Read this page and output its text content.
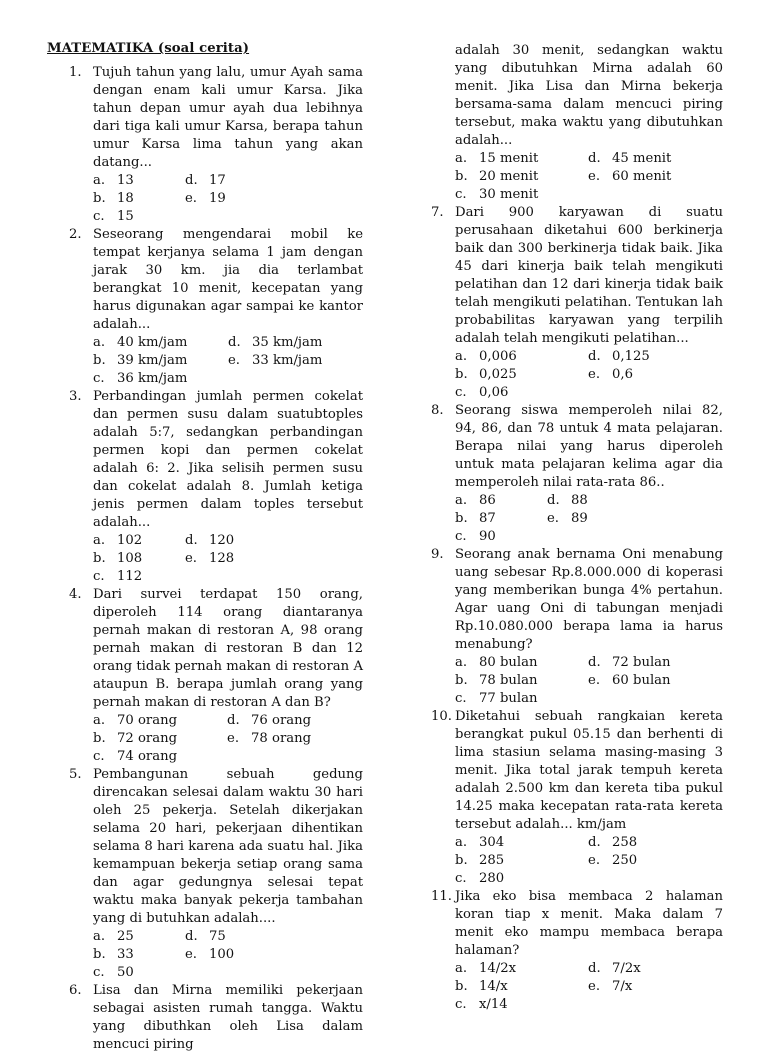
MATEMATIKA (soal cerita)
1. Tujuh tahun yang lalu, umur Ayah sama dengan enam kali umur Karsa. Jika tahun depan umur ayah dua lebihnya dari tiga kali umur Karsa, berapa tahun umur Karsa lima tahun yang akan datang...
a. 13	d. 17
b. 18	e. 19
c. 15
2. Seseorang mengendarai mobil ke tempat kerjanya selama 1 jam dengan jarak 30 km. jia dia terlambat berangkat 10 menit, kecepatan yang harus digunakan agar sampai ke kantor adalah...
a. 40 km/jam	d. 35 km/jam
b. 39 km/jam	e. 33 km/jam
c. 36 km/jam
3. Perbandingan jumlah permen cokelat dan permen susu dalam suatubtoples adalah 5:7, sedangkan perbandingan permen kopi dan permen cokelat adalah 6: 2. Jika selisih permen susu dan cokelat adalah 8. Jumlah ketiga jenis permen dalam toples tersebut adalah...
a. 102	d. 120
b. 108	e. 128
c. 112
4. Dari survei terdapat 150 orang, diperoleh 114 orang diantaranya pernah makan di restoran A, 98 orang pernah makan di restoran B dan 12 orang tidak pernah makan di restoran A ataupun B. berapa jumlah orang yang pernah makan di restoran A dan B?
a. 70 orang	d. 76 orang
b. 72 orang	e. 78 orang
c. 74 orang
5. Pembangunan sebuah gedung direncakan selesai dalam waktu 30 hari oleh 25 pekerja. Setelah dikerjakan selama 20 hari, pekerjaan dihentikan selama 8 hari karena ada suatu hal. Jika kemampuan bekerja setiap orang sama dan agar gedungnya selesai tepat waktu maka banyak pekerja tambahan yang di butuhkan adalah....
a. 25	d. 75
b. 33	e. 100
c. 50
6. Lisa dan Mirna memiliki pekerjaan sebagai asisten rumah tangga. Waktu yang dibuthkan oleh Lisa dalam mencuci piring
adalah 30 menit, sedangkan waktu yang dibutuhkan Mirna adalah 60 menit. Jika Lisa dan Mirna bekerja bersama-sama dalam mencuci piring tersebut, maka waktu yang dibutuhkan adalah...
a. 15 menit	d. 45 menit
b. 20 menit	e. 60 menit
c. 30 menit
7. Dari 900 karyawan di suatu perusahaan diketahui 600 berkinerja baik dan 300 berkinerja tidak baik. Jika 45 dari kinerja baik telah mengikuti pelatihan dan 12 dari kinerja tidak baik telah mengikuti pelatihan. Tentukan lah probabilitas karyawan yang terpilih adalah telah mengikuti pelatihan...
a. 0,006	d. 0,125
b. 0,025	e. 0,6
c. 0,06
8. Seorang siswa memperoleh nilai 82, 94, 86, dan 78 untuk 4 mata pelajaran. Berapa nilai yang harus diperoleh untuk mata pelajaran kelima agar dia memperoleh nilai rata-rata 86..
a. 86	d. 88
b. 87	e. 89
c. 90
9. Seorang anak bernama Oni menabung uang sebesar Rp.8.000.000 di koperasi yang memberikan bunga 4% pertahun. Agar uang Oni di tabungan menjadi Rp.10.080.000 berapa lama ia harus menabung?
a. 80 bulan	d. 72 bulan
b. 78 bulan	e. 60 bulan
c. 77 bulan
10. Diketahui sebuah rangkaian kereta berangkat pukul 05.15 dan berhenti di lima stasiun selama masing-masing 3 menit. Jika total jarak tempuh kereta adalah 2.500 km dan kereta tiba pukul 14.25 maka kecepatan rata-rata kereta tersebut adalah... km/jam
a. 304	d. 258
b. 285	e. 250
c. 280
11. Jika eko bisa membaca 2 halaman koran tiap x menit. Maka dalam 7 menit eko mampu membaca berapa halaman?
a. 14/2x	d. 7/2x
b. 14/x	e. 7/x
c. x/14
